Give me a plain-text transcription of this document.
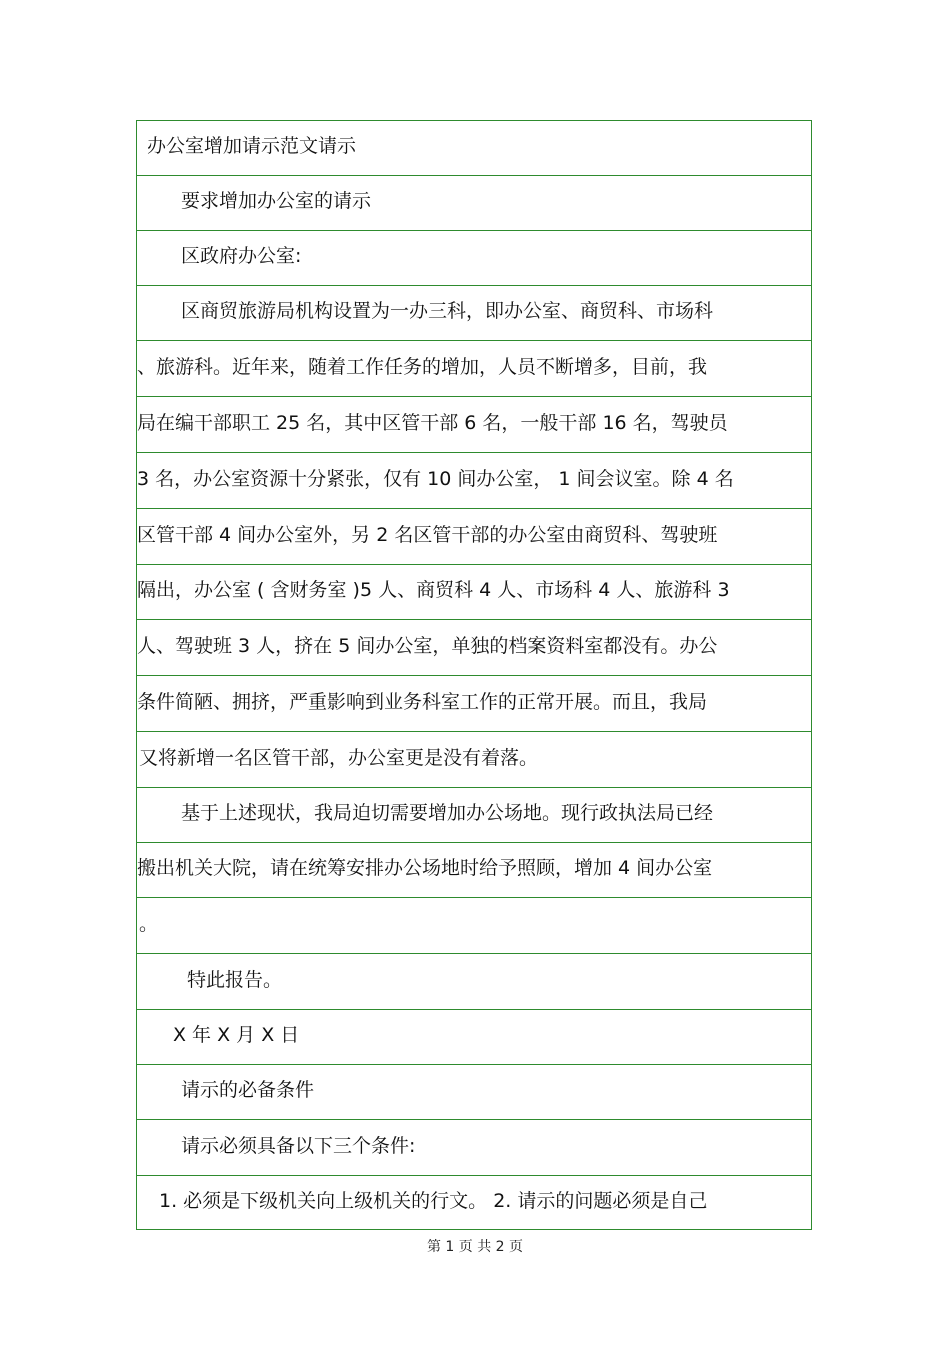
办公室增加请示范文请示
要求增加办公室的请示
区政府办公室:
区商贸旅游局机构设置为一办三科，即办公室、商贸科、市场科
、旅游科。近年来，随着工作任务的增加，人员不断增多，目前，我
局在编干部职工 25 名，其中区管干部 6 名，一般干部 16 名，驾驶员
3 名，办公室资源十分紧张，仅有 10 间办公室， 1 间会议室。除 4 名
区管干部 4 间办公室外，另 2 名区管干部的办公室由商贸科、驾驶班
隔出，办公室 ( 含财务室 )5 人、商贸科 4 人、市场科 4 人、旅游科 3
人、驾驶班 3 人，挤在 5 间办公室，单独的档案资料室都没有。办公
条件简陋、拥挤，严重影响到业务科室工作的正常开展。而且，我局
又将新增一名区管干部，办公室更是没有着落。
基于上述现状，我局迫切需要增加办公场地。现行政执法局已经
搬出机关大院，请在统筹安排办公场地时给予照顾，增加 4 间办公室
。
特此报告。
X 年 X 月 X 日
请示的必备条件
请示必须具备以下三个条件:
1. 必须是下级机关向上级机关的行文。 2. 请示的问题必须是自己
第 1 页 共 2 页
